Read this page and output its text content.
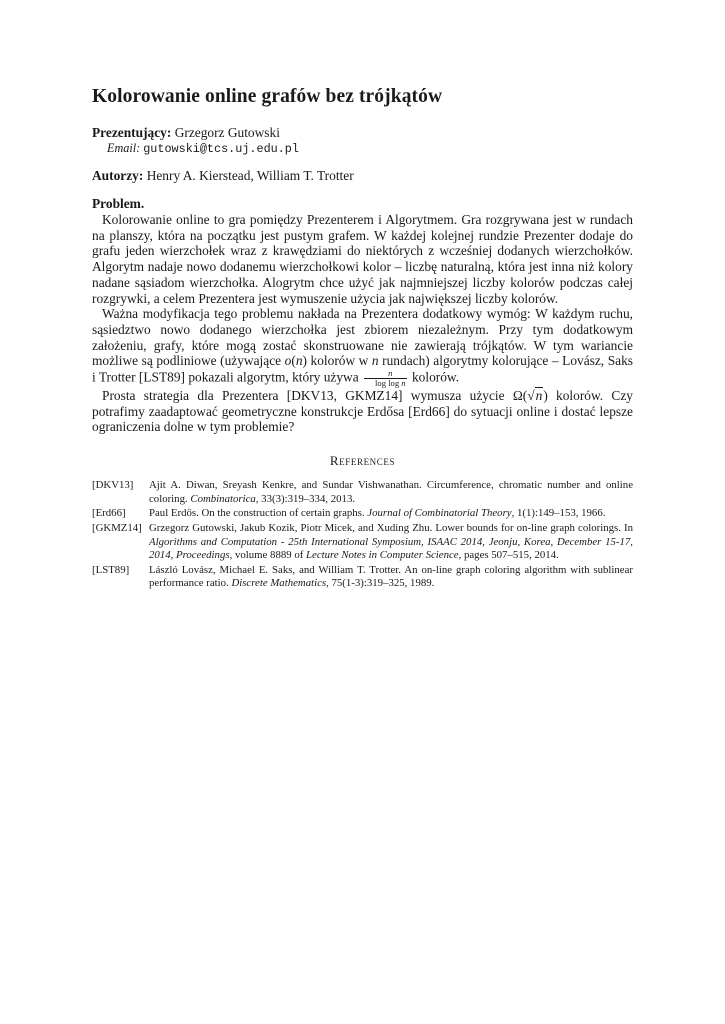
Kolorowanie online grafów bez trójkątów
Prezentujący: Grzegorz Gutowski
Email: gutowski@tcs.uj.edu.pl
Autorzy: Henry A. Kierstead, William T. Trotter
Problem.

Kolorowanie online to gra pomiędzy Prezenterem i Algorytmem. Gra rozgrywana jest w rundach na planszy, która na początku jest pustym grafem. W każdej kolejnej rundzie Prezenter dodaje do grafu jeden wierzchołek wraz z krawędziami do niektórych z wcześniej dodanych wierzchołków. Algorytm nadaje nowo dodanemu wierzchołkowi kolor – liczbę naturalną, która jest inna niż kolory nadane sąsiadom wierzchołka. Alogrytm chce użyć jak najmniejszej liczby kolorów podczas całej rozgrywki, a celem Prezentera jest wymuszenie użycia jak największej liczby kolorów.

Ważna modyfikacja tego problemu nakłada na Prezentera dodatkowy wymóg: W każdym ruchu, sąsiedztwo nowo dodanego wierzchołka jest zbiorem niezależnym. Przy tym dodatkowym założeniu, grafy, które mogą zostać skonstruowane nie zawierają trójkątów. W tym wariancie możliwe są podliniowe (używające o(n) kolorów w n rundach) algorytmy kolorujące – Lovász, Saks i Trotter [LST89] pokazali algorytm, który używa $\frac{n}{\text{log log n}}$ kolorów.

Prosta strategia dla Prezentera [DKV13, GKMZ14] wymusza użycie Ω(√n) kolorów. Czy potrafimy zaadaptować geometryczne konstrukcje Erdősa [Erd66] do sytuacji online i dostać lepsze ograniczenia dolne w tym problemie?

References
[DKV13]	Ajit A. Diwan, Sreyash Kenkre, and Sundar Vishwanathan. Circumference, chromatic number and online coloring. Combinatorica, 33(3):319–334, 2013.
[Erd66]	Paul Erdős. On the construction of certain graphs. Journal of Combinatorial Theory, 1(1):149–153, 1966.
[GKMZ14] Grzegorz Gutowski, Jakub Kozik, Piotr Micek, and Xuding Zhu. Lower bounds for on-line graph colorings. In Algorithms and Computation - 25th International Symposium, ISAAC 2014, Jeonju, Korea, December 15-17, 2014, Proceedings, volume 8889 of Lecture Notes in Computer Science, pages 507–515, 2014.
[LST89]	László Lovász, Michael E. Saks, and William T. Trotter. An on-line graph coloring algorithm with sublinear performance ratio. Discrete Mathematics, 75(1-3):319–325, 1989.
